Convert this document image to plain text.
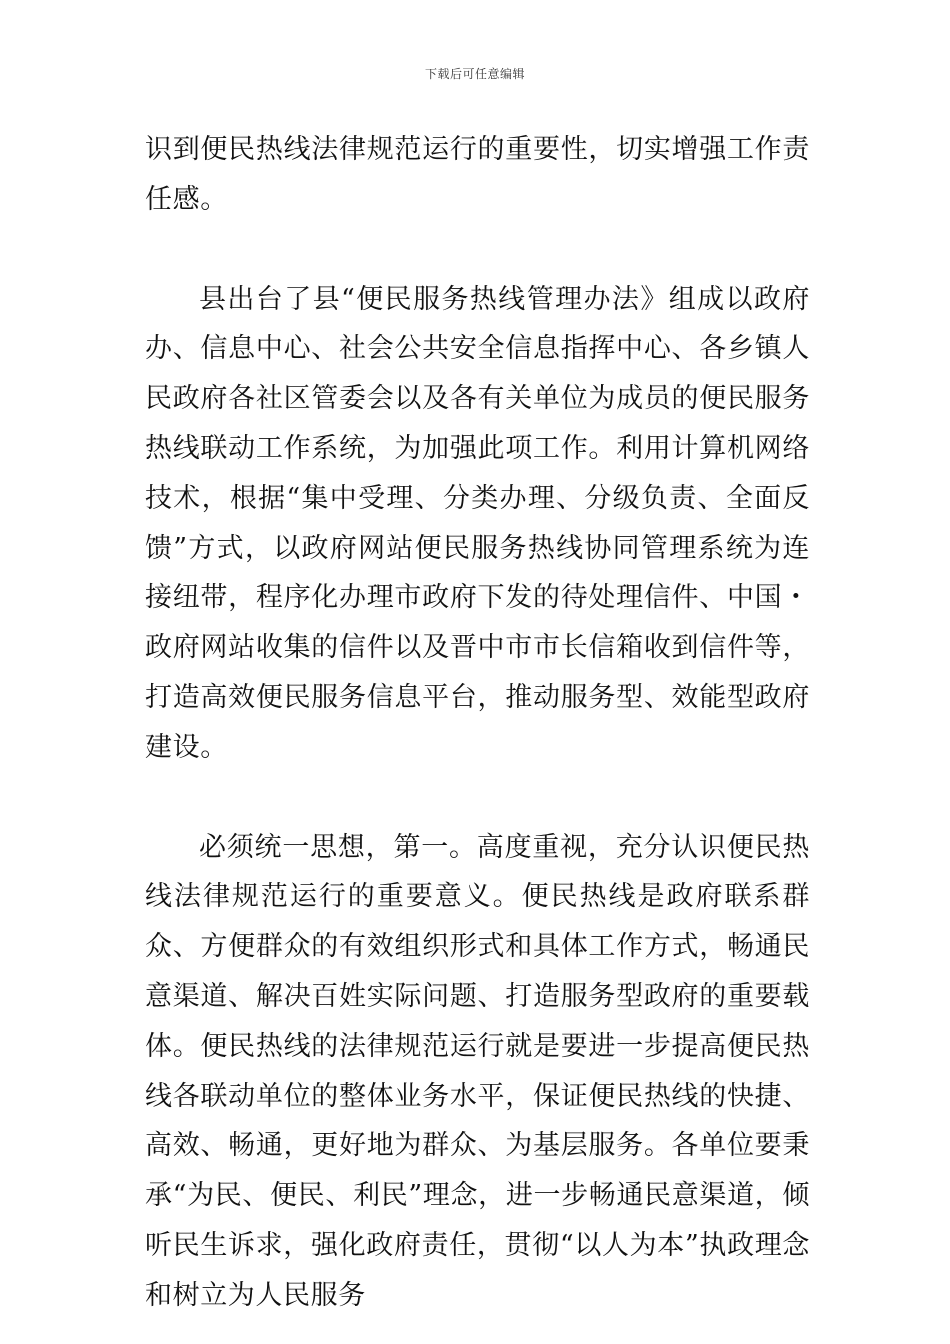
下载后可任意编辑

识到便民热线法律规范运行的重要性，切实增强工作责任感。

县出台了县“便民服务热线管理办法》组成以政府办、信息中心、社会公共安全信息指挥中心、各乡镇人民政府各社区管委会以及各有关单位为成员的便民服务热线联动工作系统，为加强此项工作。利用计算机网络技术，根据“集中受理、分类办理、分级负责、全面反馈”方式，以政府网站便民服务热线协同管理系统为连接纽带，程序化办理市政府下发的待处理信件、中国・政府网站收集的信件以及晋中市市长信箱收到信件等，打造高效便民服务信息平台，推动服务型、效能型政府建设。

必须统一思想，第一。高度重视，充分认识便民热线法律规范运行的重要意义。便民热线是政府联系群众、方便群众的有效组织形式和具体工作方式，畅通民意渠道、解决百姓实际问题、打造服务型政府的重要载体。便民热线的法律规范运行就是要进一步提高便民热线各联动单位的整体业务水平，保证便民热线的快捷、高效、畅通，更好地为群众、为基层服务。各单位要秉承“为民、便民、利民”理念，进一步畅通民意渠道，倾听民生诉求，强化政府责任，贯彻“以人为本”执政理念和树立为人民服务
